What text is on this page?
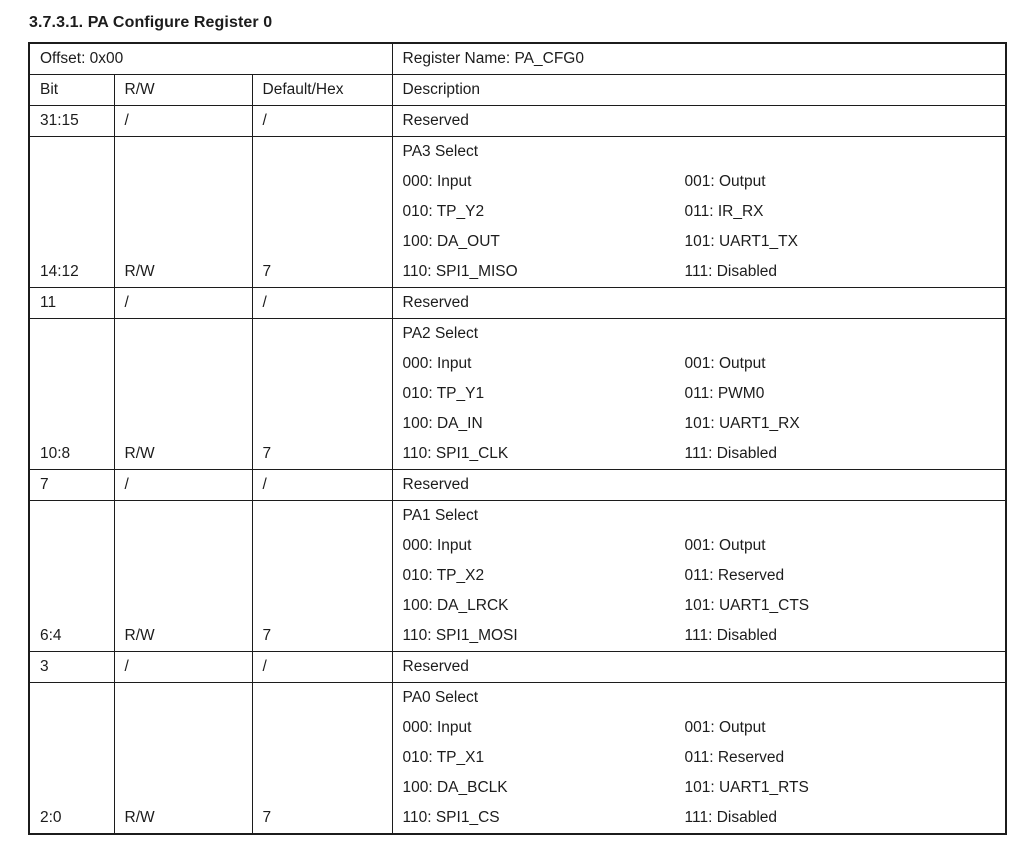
3.7.3.1. PA Configure Register 0
Offset: 0x00			Register Name: PA_CFG0
Bit	R/W	Default/Hex	Description
31:15	/	/	Reserved
14:12	R/W	7	
PA3 Select
000: Input	001: Output
010: TP_Y2	011: IR_RX
100: DA_OUT	101: UART1_TX
110: SPI1_MISO	111: Disabled

11	/	/	Reserved
10:8	R/W	7	
PA2 Select
000: Input	001: Output
010: TP_Y1	011: PWM0
100: DA_IN	101: UART1_RX
110: SPI1_CLK	111: Disabled

7	/	/	Reserved
6:4	R/W	7	
PA1 Select
000: Input	001: Output
010: TP_X2	011: Reserved
100: DA_LRCK	101: UART1_CTS
110: SPI1_MOSI	111: Disabled

3	/	/	Reserved
2:0	R/W	7	
PA0 Select
000: Input	001: Output
010: TP_X1	011: Reserved
100: DA_BCLK	101: UART1_RTS
110: SPI1_CS	111: Disabled
